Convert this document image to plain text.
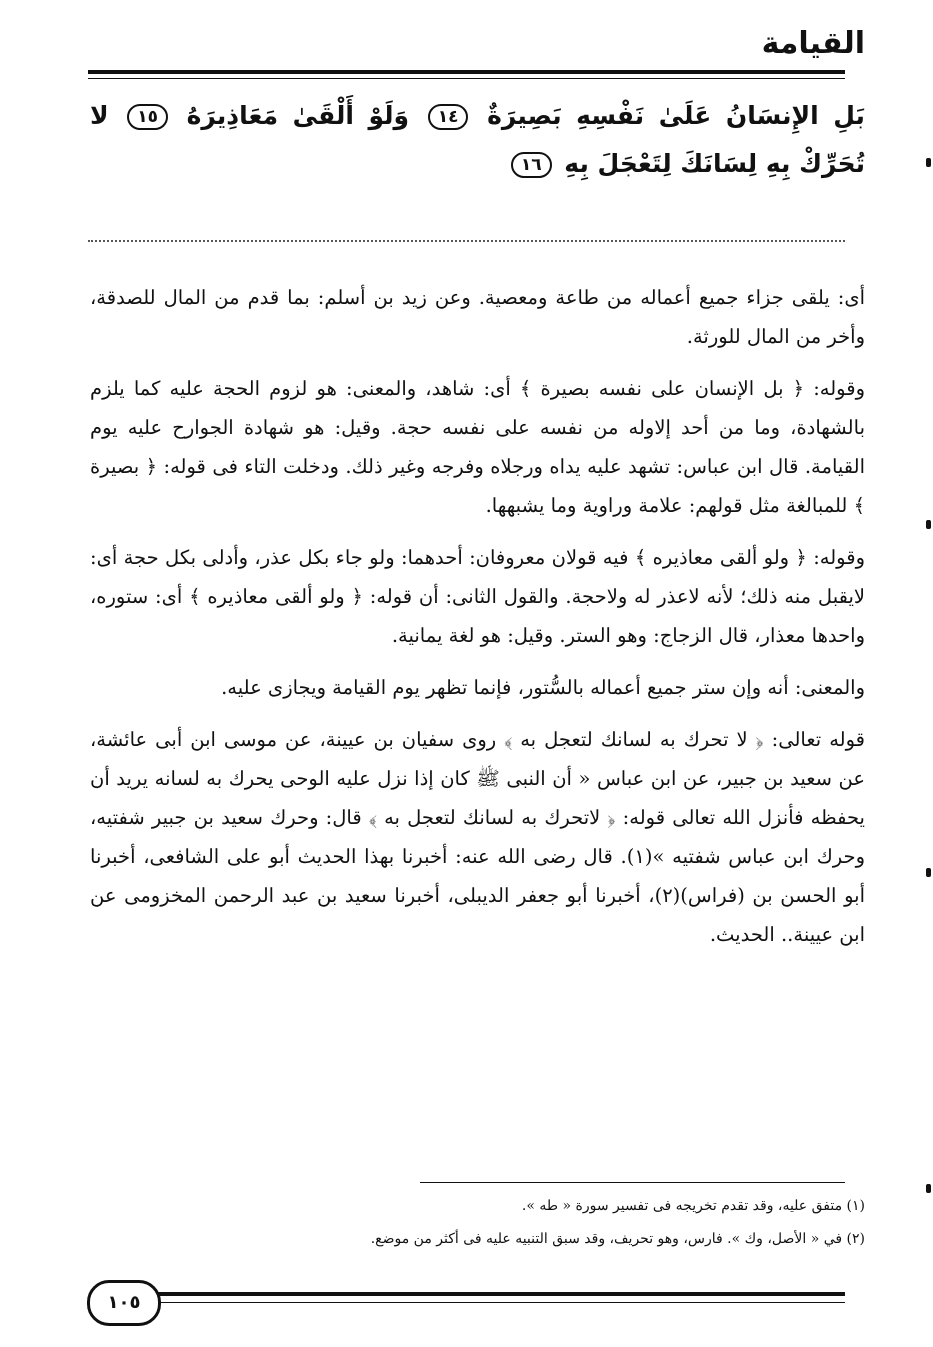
القيامة
بَلِ الإِنسَانُ عَلَىٰ نَفْسِهِ بَصِيرَةٌ ١٤ وَلَوْ أَلْقَىٰ مَعَاذِيرَهُ ١٥ لا تُحَرِّكْ بِهِ لِسَانَكَ لِتَعْجَلَ بِهِ ١٦

أى: يلقى جزاء جميع أعماله من طاعة ومعصية. وعن زيد بن أسلم: بما قدم من المال للصدقة، وأخر من المال للورثة.

وقوله: ﴿ بل الإنسان على نفسه بصيرة ﴾ أى: شاهد، والمعنى: هو لزوم الحجة عليه كما يلزم بالشهادة، وما من أحد إلاوله من نفسه على نفسه حجة. وقيل: هو شهادة الجوارح عليه يوم القيامة. قال ابن عباس: تشهد عليه يداه ورجلاه وفرجه وغير ذلك. ودخلت التاء فى قوله: ﴿ بصيرة ﴾ للمبالغة مثل قولهم: علامة وراوية وما يشبهها.

وقوله: ﴿ ولو ألقى معاذيره ﴾ فيه قولان معروفان: أحدهما: ولو جاء بكل عذر، وأدلى بكل حجة أى: لايقبل منه ذلك؛ لأنه لاعذر له ولاحجة. والقول الثانى: أن قوله: ﴿ ولو ألقى معاذيره ﴾ أى: ستوره، واحدها معذار، قال الزجاج: وهو الستر. وقيل: هو لغة يمانية.

والمعنى: أنه وإن ستر جميع أعماله بالسُّتور، فإنما تظهر يوم القيامة ويجازى عليه.

قوله تعالى: ﴿ لا تحرك به لسانك لتعجل به ﴾ روى سفيان بن عيينة، عن موسى ابن أبى عائشة، عن سعيد بن جبير، عن ابن عباس « أن النبى ﷺ كان إذا نزل عليه الوحى يحرك به لسانه يريد أن يحفظه فأنزل الله تعالى قوله: ﴿ لاتحرك به لسانك لتعجل به ﴾ قال: وحرك سعيد بن جبير شفتيه، وحرك ابن عباس شفتيه »(١). قال رضى الله عنه: أخبرنا بهذا الحديث أبو على الشافعى، أخبرنا أبو الحسن بن (فراس)(٢)، أخبرنا أبو جعفر الديبلى، أخبرنا سعيد بن عبد الرحمن المخزومى عن ابن عيينة.. الحديث.

(١) متفق عليه، وقد تقدم تخريجه فى تفسير سورة « طه ».
(٢) في « الأصل، وك ». فارس، وهو تحريف، وقد سبق التنبيه عليه فى أكثر من موضع.
١٠٥
